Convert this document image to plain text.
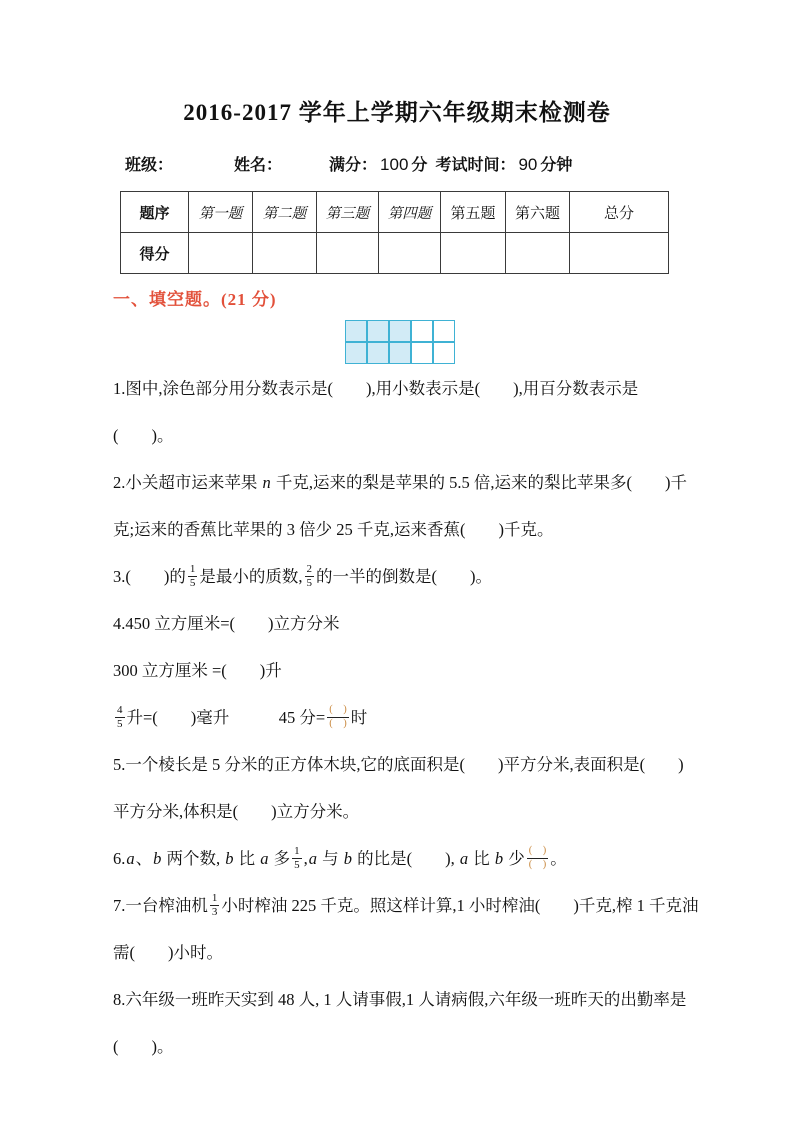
2016-2017 学年上学期六年级期末检测卷
班级：	姓名：	满分： 100 分 考试时间： 90 分钟
题序	第一题	第二题	第三题	第四题	第五题	第六题	总分
得分							
一、填空题。(21 分)
1.图中,涂色部分用分数表示是(　　),用小数表示是(　　),用百分数表示是
(　　)。
2.小关超市运来苹果 n 千克,运来的梨是苹果的 5.5 倍,运来的梨比苹果多(　　)千
克;运来的香蕉比苹果的 3 倍少 25 千克,运来香蕉(　　)千克。
3.(　　)的 $\frac{1}{5}$ 是最小的质数, $\frac{2}{5}$ 的一半的倒数是(　　)。
4.450 立方厘米=(　　)立方分米
300 立方厘米 =(　　)升
$\frac{4}{5}$ 升=(　　)毫升　　　45 分= $\frac{( )}{( )}$ 时
5.一个棱长是 5 分米的正方体木块,它的底面积是(　　)平方分米,表面积是(　　)
平方分米,体积是(　　)立方分米。
6.a、b 两个数, b 比 a 多 $\frac{1}{5} ,a$ 与 b 的比是(　　), a 比 b 少 $\frac{( )}{( )}$ 。
7.一台榨油机 $\frac{1}{3}$ 小时榨油 225 千克。照这样计算,1 小时榨油(　　)千克,榨 1 千克油
需(　　)小时。
8.六年级一班昨天实到 48 人, 1 人请事假,1 人请病假,六年级一班昨天的出勤率是
(　　)。
